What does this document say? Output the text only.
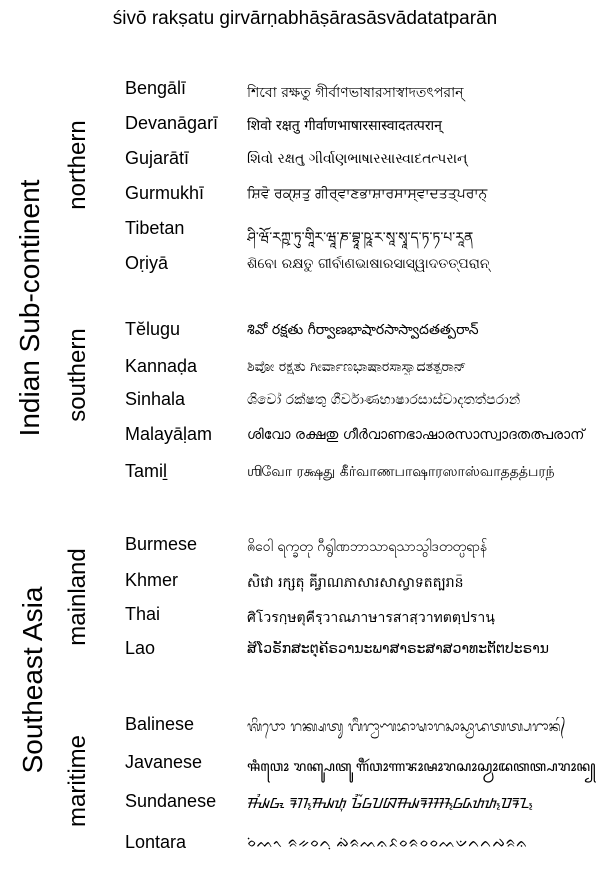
śivō rakṣatu girvārṇabhāṣārasāsvādatatparān
Indian Sub-continent
Southeast Asia
northern
southern
mainland
maritime
Bengālī	শিবো রক্ষতু গীর্বাণভাষারসাস্বাদতৎপরান্
Devanāgarī शिवो रक्षतु गीर्वाणभाषारसास्वादतत्परान्
Gujarātī	શિવો રક્ષતુ ગીર્વાણભાષારસાસ્વાદતત્પરાન્
Gurmukhī	ਸ਼ਿਵੋ ਰਕ੍ਸ਼ਤੁ ਗੀਰ੍ਵਾਣਭਾਸ਼ਾਰਸਾਸ੍ਵਾਦਤਤ੍ਪਰਾਨ੍
Tibetan	ཤི་ཝོ་རཀྵ་ཏུ་གཱིར་ཝཱ་ཎ་བྷཱ་ཥཱ་ར་སཱ་སྭཱ་ད་ཏ་ཏ་པ་རཱན
Oṛiyā	ଶିବୋ ରକ୍ଷତୁ ଗୀର୍ବାଣଭାଷାରସାସ୍ୱାଦତତ୍ପରାନ୍
Tĕlugu	శివో రక్షతు గీర్వాణభాషారసాస్వాదతత్పరాన్
Kannaḍa	ಶಿವೋ ರಕ್ಷತು ಗೀರ್ವಾಣಭಾಷಾರಸಾಸ್ವಾದತತ್ಪರಾನ್
Sinhala	ශිවෝ රක්ෂතු ගීර්වාණභාෂාරසාස්වාදතත්පරාන්
Malayāḷam ശിവോ രക്ഷതു ഗീർവാണഭാഷാരസാസ്വാദതത്പരാന്
Tamiḻ	ஶிவோ ரக்ஷது கீர்வாணபாஷாரஸாஸ்வாததத்பரந்
Burmese	ၐိဝေါ ရက္ခတု ဂီရွါဏဘာသာရသာသွါဒတတ္ပရာန်
Khmer	សិវោ រក្សតុ គីរ្វាណភាសារសាស្វាទតត្បរាន៑
Thai	ศิโวรกฺษตุคีรฺวาณภาษารสาสฺวาทตตฺปรานฺ
Lao	ສິໂວຣັກສະຕຸຄີຣວານະພາສາຣະສາສວາທະຕັຕປະຣານ
Balinese	ᬰᬶᬯᭀ ᬭᬓ᭄ᬱᬢᬸ ᬕᬷᬭ᭄ᬯᬵᬡᬪᬵᬱᬵᬭᬲᬵᬲ᭄ᬯᬵᬤᬢᬢ᭄ᬧᬭᬵᬦ᭄
Javanese	ꦯꦶꦮꦺꦴ ꦫꦏ꧀ꦰꦠꦸ ꦒꦷꦂꦮꦴꦟꦨꦴꦰꦴꦫꦱꦴꦱ꧀ꦮꦴꦢꦠꦠ꧀ꦥꦫꦴꦤ꧀
Sundanese ᮯᮤᮝᮧ ᮛᮊ᮪ᮯᮒᮥ ᮌᮤᮁᮝᮖᮘᮯᮛᮞᮞ᮪ᮝᮓᮒᮒ᮪ᮕᮛᮔ᮪
Lontara	ᨔᨗᨓᨚ ᨑᨀᨔᨈᨘ ᨁᨗᨑᨓᨊᨅᨔᨑᨔᨔᨓᨉᨈᨈᨄᨑᨊ
